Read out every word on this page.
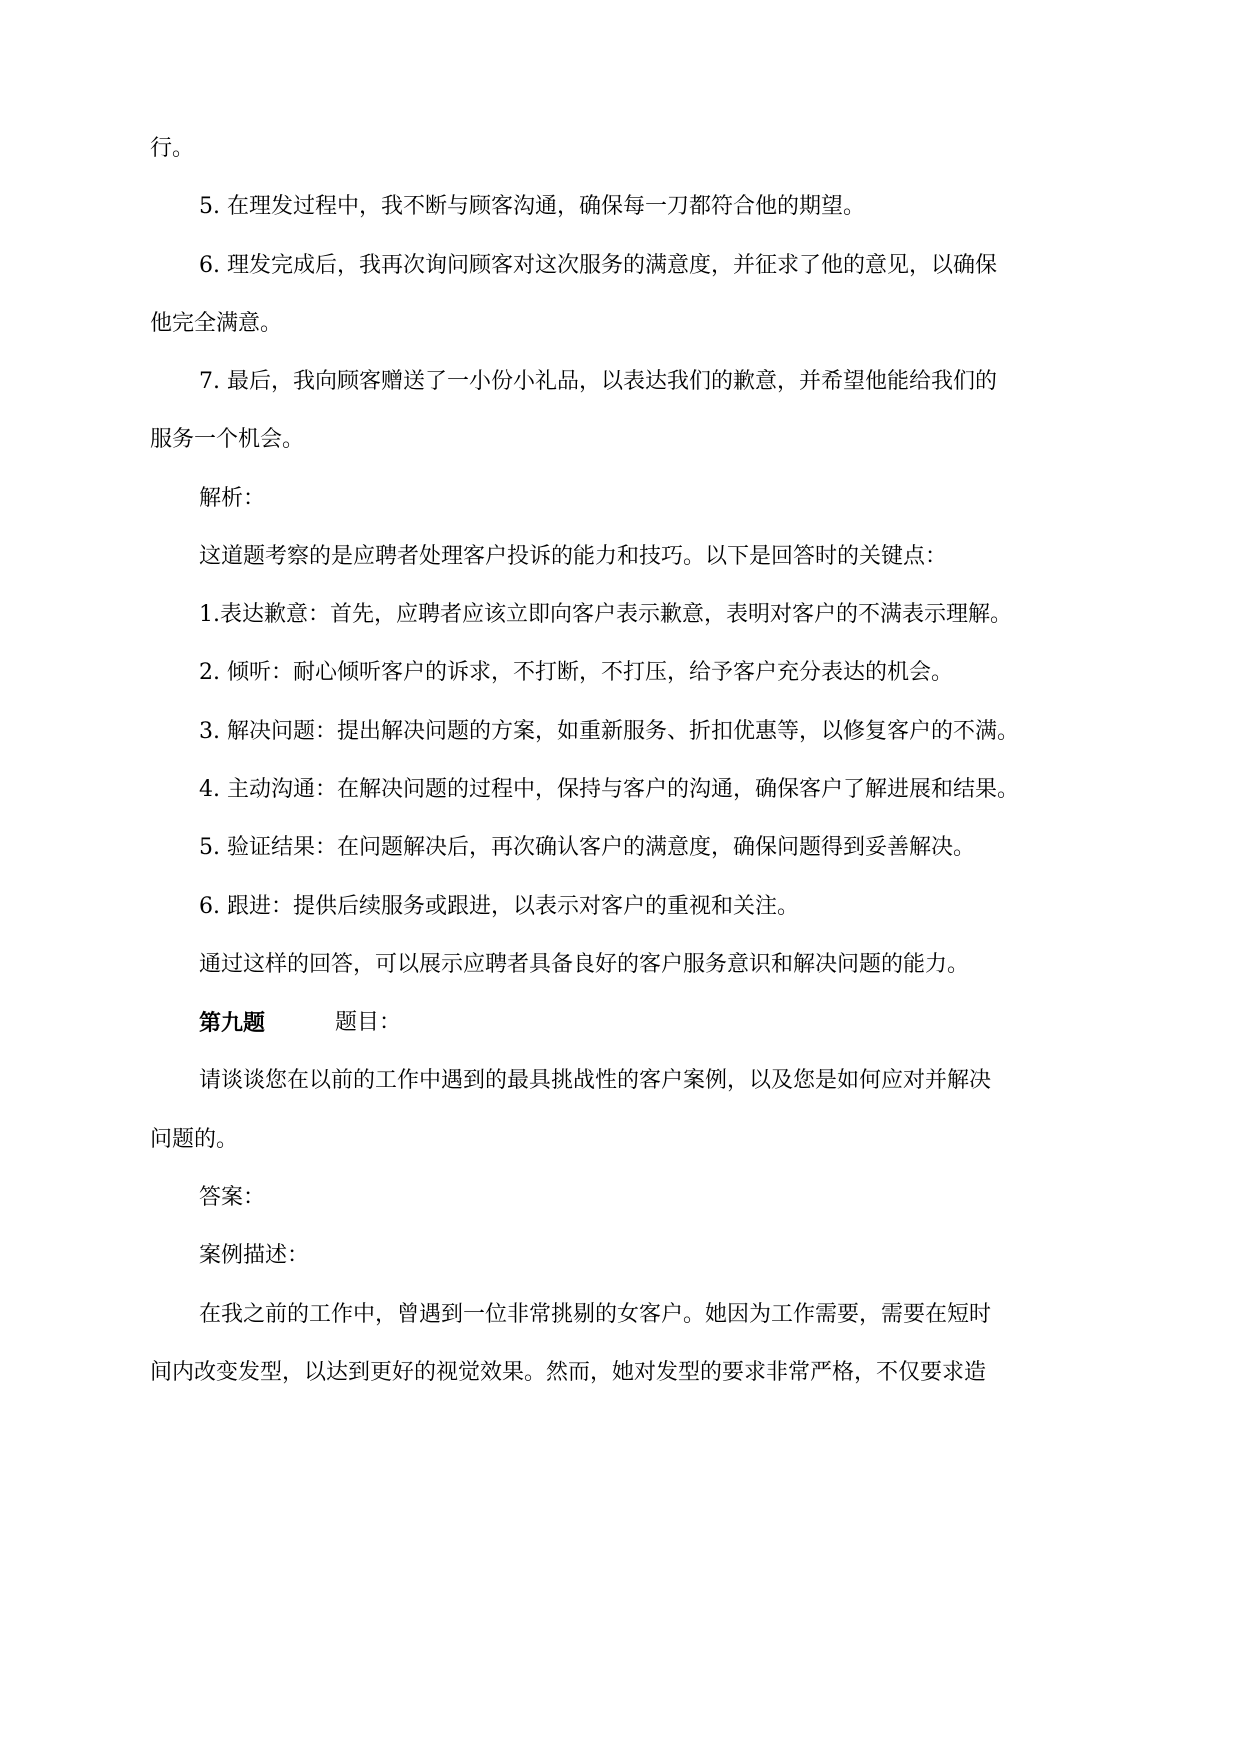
行。
5. 在理发过程中，我不断与顾客沟通，确保每一刀都符合他的期望。
6. 理发完成后，我再次询问顾客对这次服务的满意度，并征求了他的意见，以确保
他完全满意。
7. 最后，我向顾客赠送了一小份小礼品，以表达我们的歉意，并希望他能给我们的
服务一个机会。
解析：
这道题考察的是应聘者处理客户投诉的能力和技巧。以下是回答时的关键点：
1.表达歉意：首先，应聘者应该立即向客户表示歉意，表明对客户的不满表示理解。
2. 倾听：耐心倾听客户的诉求，不打断，不打压，给予客户充分表达的机会。
3. 解决问题：提出解决问题的方案，如重新服务、折扣优惠等，以修复客户的不满。
4. 主动沟通：在解决问题的过程中，保持与客户的沟通，确保客户了解进展和结果。
5. 验证结果：在问题解决后，再次确认客户的满意度，确保问题得到妥善解决。
6. 跟进：提供后续服务或跟进，以表示对客户的重视和关注。
通过这样的回答，可以展示应聘者具备良好的客户服务意识和解决问题的能力。
第九题	题目：
请谈谈您在以前的工作中遇到的最具挑战性的客户案例，以及您是如何应对并解决
问题的。
答案：
案例描述：
在我之前的工作中，曾遇到一位非常挑剔的女客户。她因为工作需要，需要在短时
间内改变发型，以达到更好的视觉效果。然而，她对发型的要求非常严格，不仅要求造
